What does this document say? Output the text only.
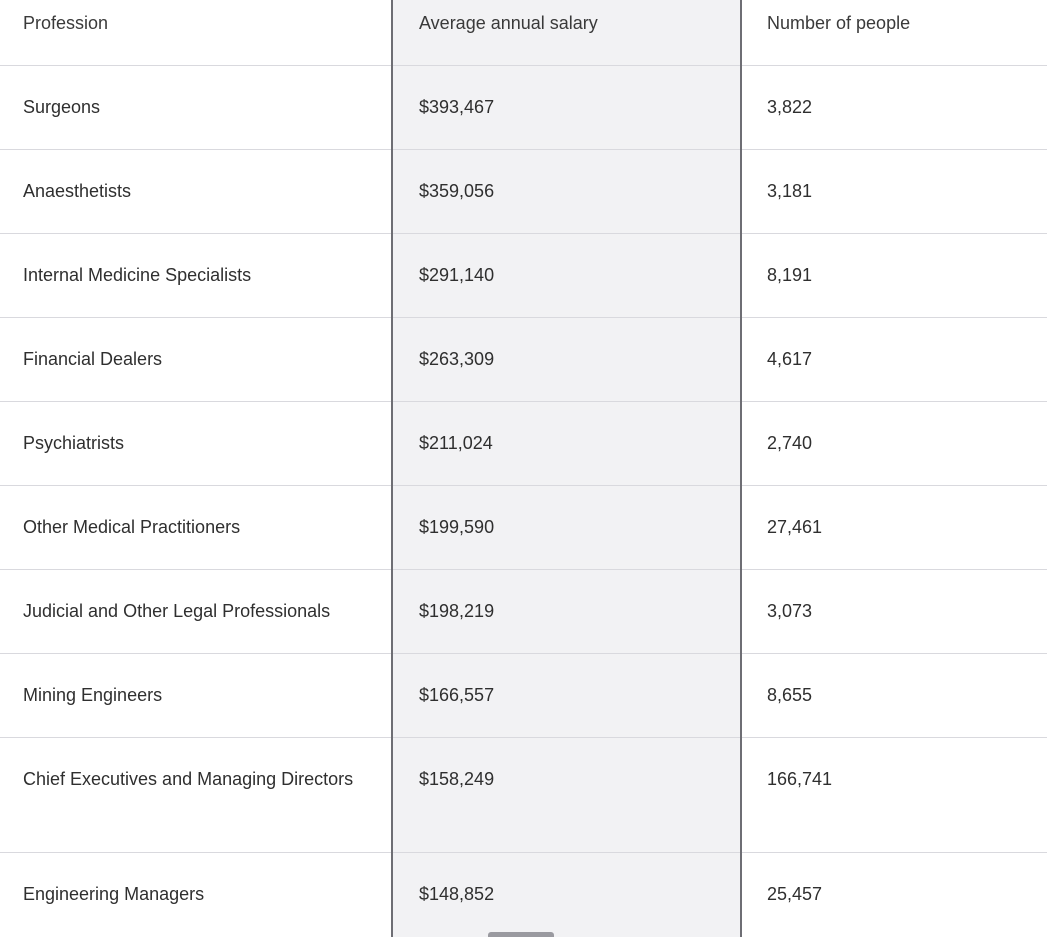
Profession	Average annual salary	Number of people

Surgeons	$393,467	3,822

Anaesthetists	$359,056	3,181

Internal Medicine Specialists	$291,140	8,191

Financial Dealers	$263,309	4,617

Psychiatrists	$211,024	2,740

Other Medical Practitioners	$199,590	27,461

Judicial and Other Legal Professionals	$198,219	3,073

Mining Engineers	$166,557	8,655

Chief Executives and Managing Directors	$158,249	166,741

Engineering Managers	$148,852	25,457
